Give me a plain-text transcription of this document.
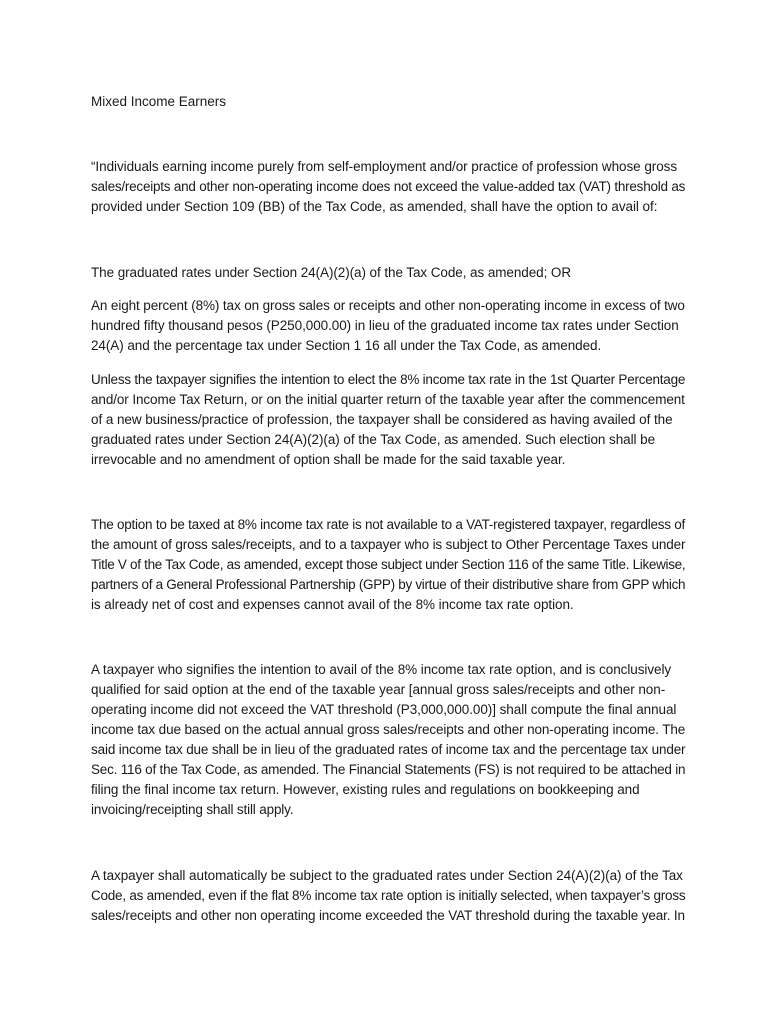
Mixed Income Earners
“Individuals earning income purely from self-employment and/or practice of profession whose gross
sales/receipts and other non-operating income does not exceed the value-added tax (VAT) threshold as
provided under Section 109 (BB) of the Tax Code, as amended, shall have the option to avail of:
The graduated rates under Section 24(A)(2)(a) of the Tax Code, as amended; OR
An eight percent (8%) tax on gross sales or receipts and other non-operating income in excess of two
hundred fifty thousand pesos (P250,000.00) in lieu of the graduated income tax rates under Section
24(A) and the percentage tax under Section 1 16 all under the Tax Code, as amended.
Unless the taxpayer signifies the intention to elect the 8% income tax rate in the 1st Quarter Percentage
and/or Income Tax Return, or on the initial quarter return of the taxable year after the commencement
of a new business/practice of profession, the taxpayer shall be considered as having availed of the
graduated rates under Section 24(A)(2)(a) of the Tax Code, as amended. Such election shall be
irrevocable and no amendment of option shall be made for the said taxable year.
The option to be taxed at 8% income tax rate is not available to a VAT-registered taxpayer, regardless of
the amount of gross sales/receipts, and to a taxpayer who is subject to Other Percentage Taxes under
Title V of the Tax Code, as amended, except those subject under Section 116 of the same Title. Likewise,
partners of a General Professional Partnership (GPP) by virtue of their distributive share from GPP which
is already net of cost and expenses cannot avail of the 8% income tax rate option.
A taxpayer who signifies the intention to avail of the 8% income tax rate option, and is conclusively
qualified for said option at the end of the taxable year [annual gross sales/receipts and other non-
operating income did not exceed the VAT threshold (P3,000,000.00)] shall compute the final annual
income tax due based on the actual annual gross sales/receipts and other non-operating income. The
said income tax due shall be in lieu of the graduated rates of income tax and the percentage tax under
Sec. 116 of the Tax Code, as amended. The Financial Statements (FS) is not required to be attached in
filing the final income tax return. However, existing rules and regulations on bookkeeping and
invoicing/receipting shall still apply.
A taxpayer shall automatically be subject to the graduated rates under Section 24(A)(2)(a) of the Tax
Code, as amended, even if the flat 8% income tax rate option is initially selected, when taxpayer’s gross
sales/receipts and other non operating income exceeded the VAT threshold during the taxable year. In
